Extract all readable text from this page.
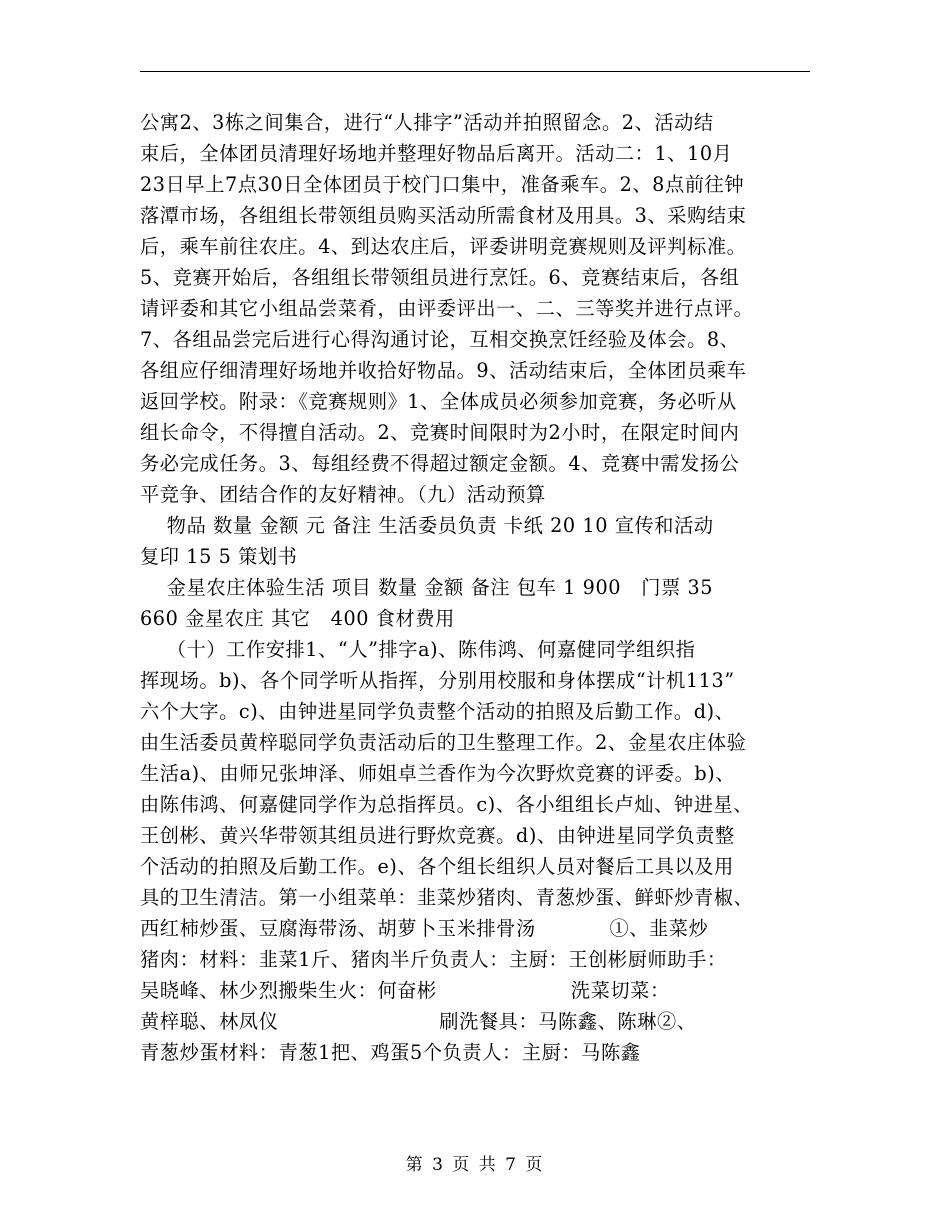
公寓2、3栋之间集合，进行“人排字”活动并拍照留念。2、活动结
束后，全体团员清理好场地并整理好物品后离开。活动二：1、10月
23日早上7点30日全体团员于校门口集中，准备乘车。2、8点前往钟
落潭市场，各组组长带领组员购买活动所需食材及用具。3、采购结束
后，乘车前往农庄。4、到达农庄后，评委讲明竞赛规则及评判标准。
5、竞赛开始后，各组组长带领组员进行烹饪。6、竞赛结束后，各组
请评委和其它小组品尝菜肴，由评委评出一、二、三等奖并进行点评。
7、各组品尝完后进行心得沟通讨论，互相交换烹饪经验及体会。8、
各组应仔细清理好场地并收拾好物品。9、活动结束后，全体团员乘车
返回学校。附录：《竞赛规则》1、全体成员必须参加竞赛，务必听从
组长命令，不得擅自活动。2、竞赛时间限时为2小时，在限定时间内
务必完成任务。3、每组经费不得超过额定金额。4、竞赛中需发扬公
平竞争、团结合作的友好精神。（九）活动预算
物品 数量 金额 元 备注 生活委员负责 卡纸 20 10 宣传和活动
复印 15 5 策划书
金星农庄体验生活 项目 数量 金额 备注 包车 1 900   门票 35
660 金星农庄 其它   400 食材费用
（十）工作安排1、“人”排字a)、陈伟鸿、何嘉健同学组织指
挥现场。b)、各个同学听从指挥，分别用校服和身体摆成“计机113”
六个大字。c)、由钟进星同学负责整个活动的拍照及后勤工作。d)、
由生活委员黄梓聪同学负责活动后的卫生整理工作。2、金星农庄体验
生活a)、由师兄张坤泽、师姐卓兰香作为今次野炊竞赛的评委。b)、
由陈伟鸿、何嘉健同学作为总指挥员。c)、各小组组长卢灿、钟进星、
王创彬、黄兴华带领其组员进行野炊竞赛。d)、由钟进星同学负责整
个活动的拍照及后勤工作。e)、各个组长组织人员对餐后工具以及用
具的卫生清洁。第一小组菜单：韭菜炒猪肉、青葱炒蛋、鲜虾炒青椒、
西红柿炒蛋、豆腐海带汤、胡萝卜玉米排骨汤           ①、韭菜炒
猪肉：材料：韭菜1斤、猪肉半斤负责人：主厨：王创彬厨师助手：
吴晓峰、林少烈搬柴生火：何奋彬                    洗菜切菜：
黄梓聪、林凤仪                        刷洗餐具：马陈鑫、陈琳②、
青葱炒蛋材料：青葱1把、鸡蛋5个负责人：主厨：马陈鑫
第 3 页 共 7 页
